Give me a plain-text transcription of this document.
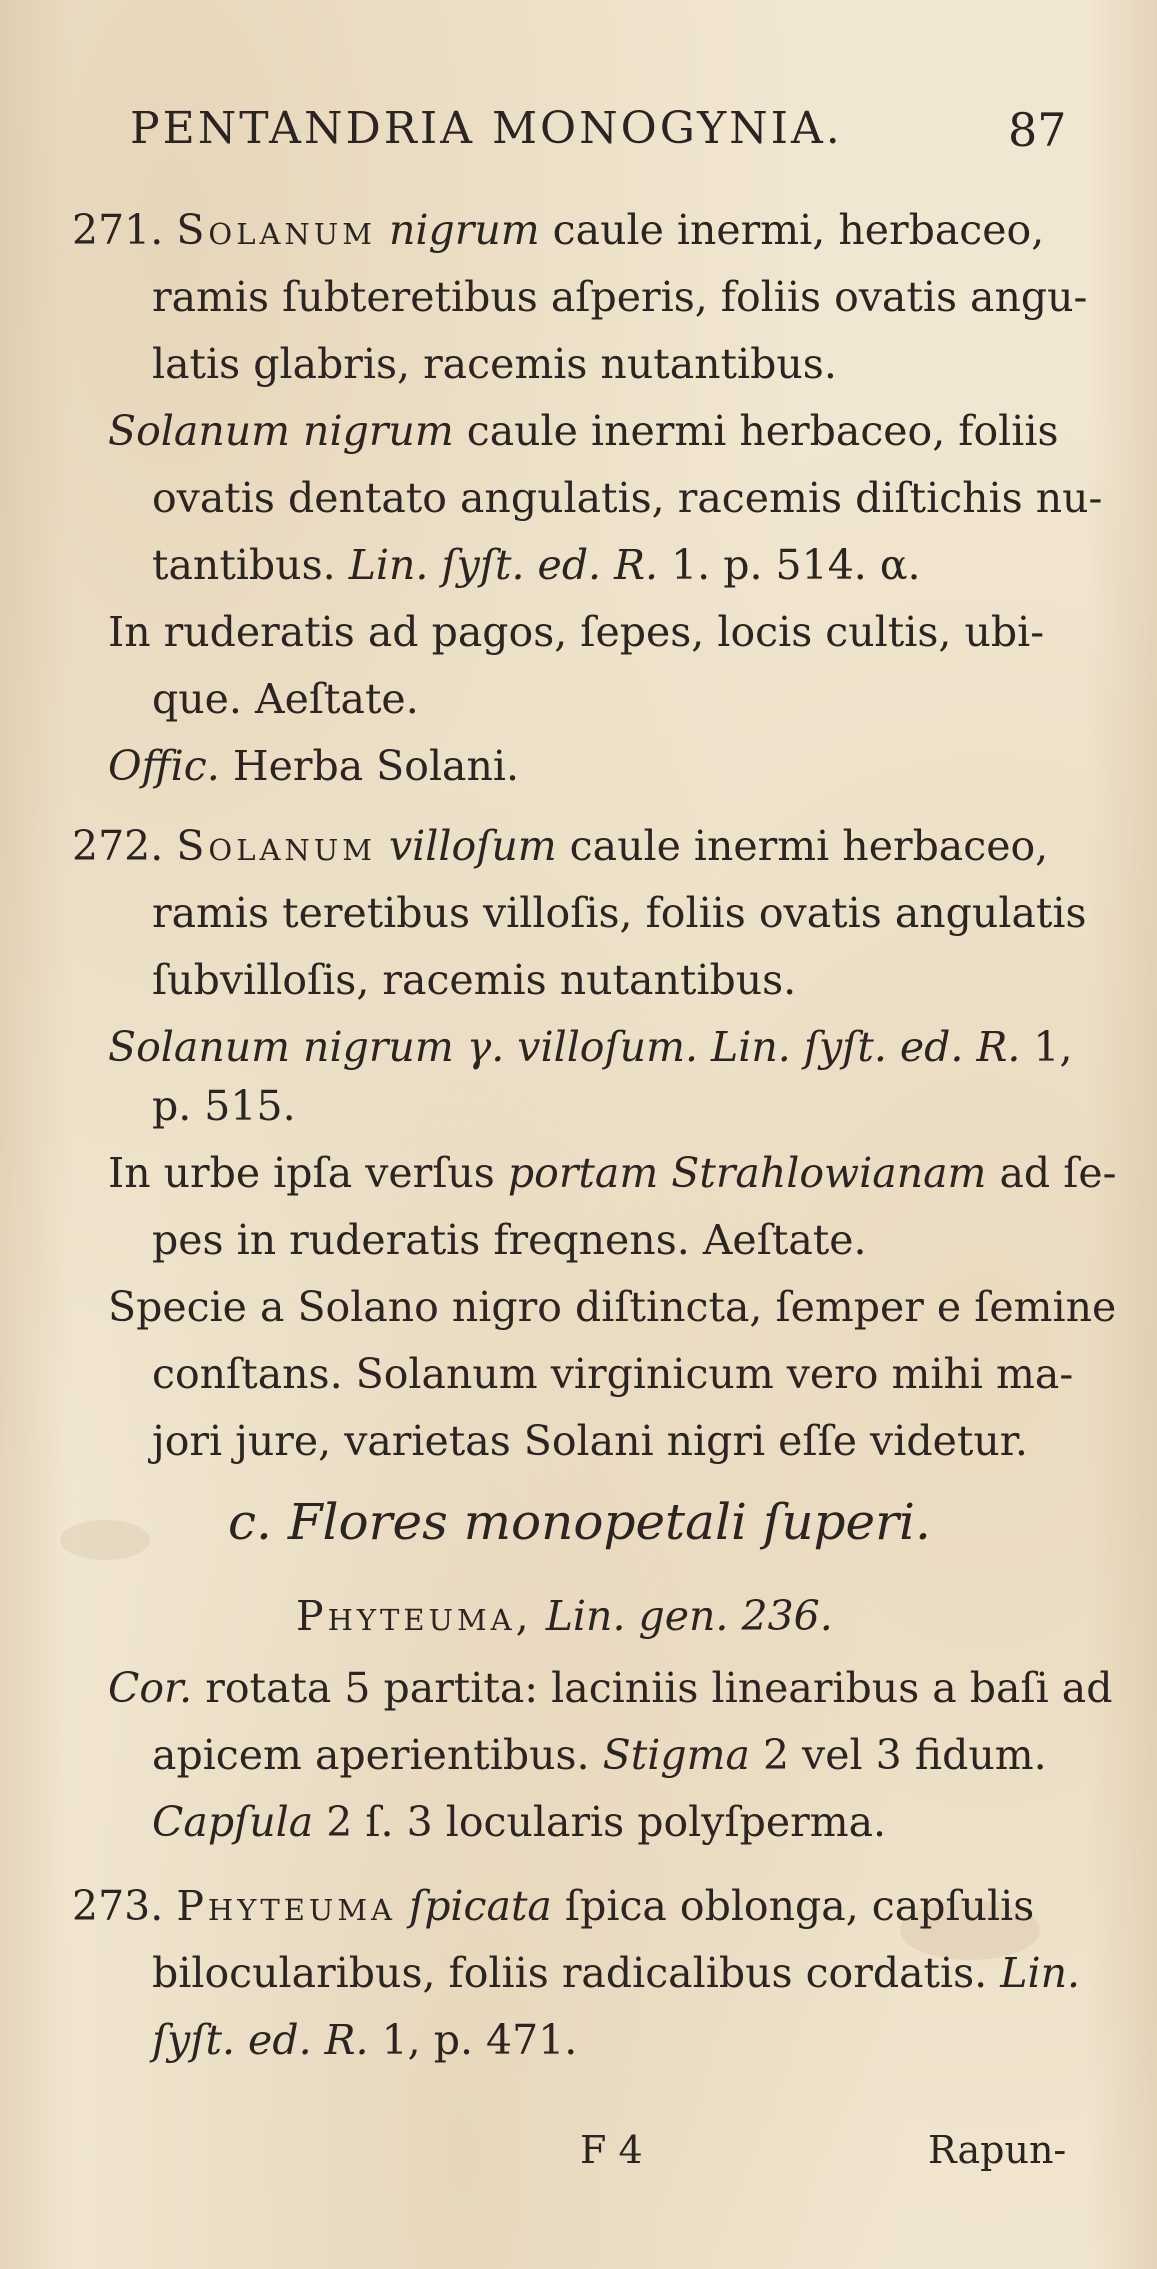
PENTANDRIA MONOGYNIA.	87
271. Solanum nigrum caule inermi, herbaceo,
ramis ſubteretibus aſperis, foliis ovatis angu-
latis glabris, racemis nutantibus.
Solanum nigrum caule inermi herbaceo, foliis
ovatis dentato angulatis, racemis diſtichis nu-
tantibus. Lin. ſyſt. ed. R. 1. p. 514. α.
In ruderatis ad pagos, ſepes, locis cultis, ubi-
que. Aeſtate.
Offic. Herba Solani.
272. Solanum villoſum caule inermi herbaceo,
ramis teretibus villoſis, foliis ovatis angulatis
ſubvilloſis, racemis nutantibus.
Solanum nigrum γ. villoſum. Lin. ſyſt. ed. R. 1,
p. 515.
In urbe ipſa verſus portam Strahlowianam ad ſe-
pes in ruderatis freqnens. Aeſtate.
Specie a Solano nigro diſtincta, ſemper e ſemine
conſtans. Solanum virginicum vero mihi ma-
jori jure, varietas Solani nigri eſſe videtur.
c. Flores monopetali ſuperi.
Phyteuma, Lin. gen. 236.
Cor. rotata 5 partita: laciniis linearibus a baſi ad
apicem aperientibus. Stigma 2 vel 3 fidum.
Capſula 2 ſ. 3 locularis polyſperma.
273. Phyteuma ſpicata ſpica oblonga, capſulis
bilocularibus, foliis radicalibus cordatis. Lin.
ſyſt. ed. R. 1, p. 471.
F 4	Rapun-
